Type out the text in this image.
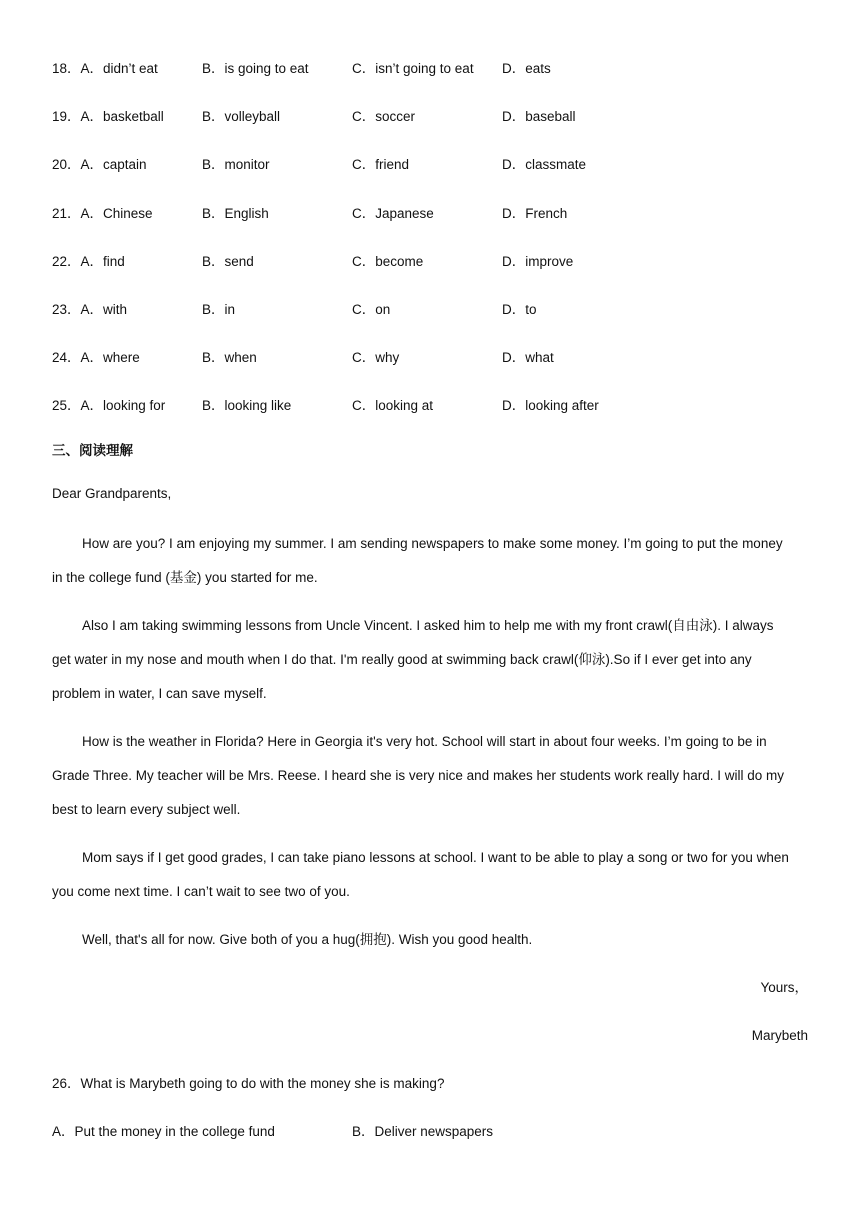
18．A．didn’t eat	B．is going to eat	C．isn’t going to eat D．eats
19．A．basketball	B．volleyball	C．soccer	D．baseball
20．A．captain	B．monitor	C．friend	D．classmate
21．A．Chinese	B．English	C．Japanese	D．French
22．A．find	B．send	C．become	D．improve
23．A．with	B．in	C．on	D．to
24．A．where	B．when	C．why	D．what
25．A．looking for	B．looking like	C．looking at	D．looking after
三、阅读理解
Dear Grandparents,
How are you? I am enjoying my summer. I am sending newspapers to make some money. I’m going to put the money
in the college fund (基金) you started for me.
Also I am taking swimming lessons from Uncle Vincent. I asked him to help me with my front crawl(自由泳). I always
get water in my nose and mouth when I do that. I'm really good at swimming back crawl(仰泳).So if I ever get into any
problem in water, I can save myself.
How is the weather in Florida? Here in Georgia it's very hot. School will start in about four weeks. I’m going to be in
Grade Three. My teacher will be Mrs. Reese. I heard she is very nice and makes her students work really hard. I will do my
best to learn every subject well.
Mom says if I get good grades, I can take piano lessons at school. I want to be able to play a song or two for you when
you come next time. I can’t wait to see two of you.
Well, that's all for now. Give both of you a hug(拥抱). Wish you good health.
Yours，
Marybeth
26．What is Marybeth going to do with the money she is making?
A．Put the money in the college fund	B．Deliver newspapers
